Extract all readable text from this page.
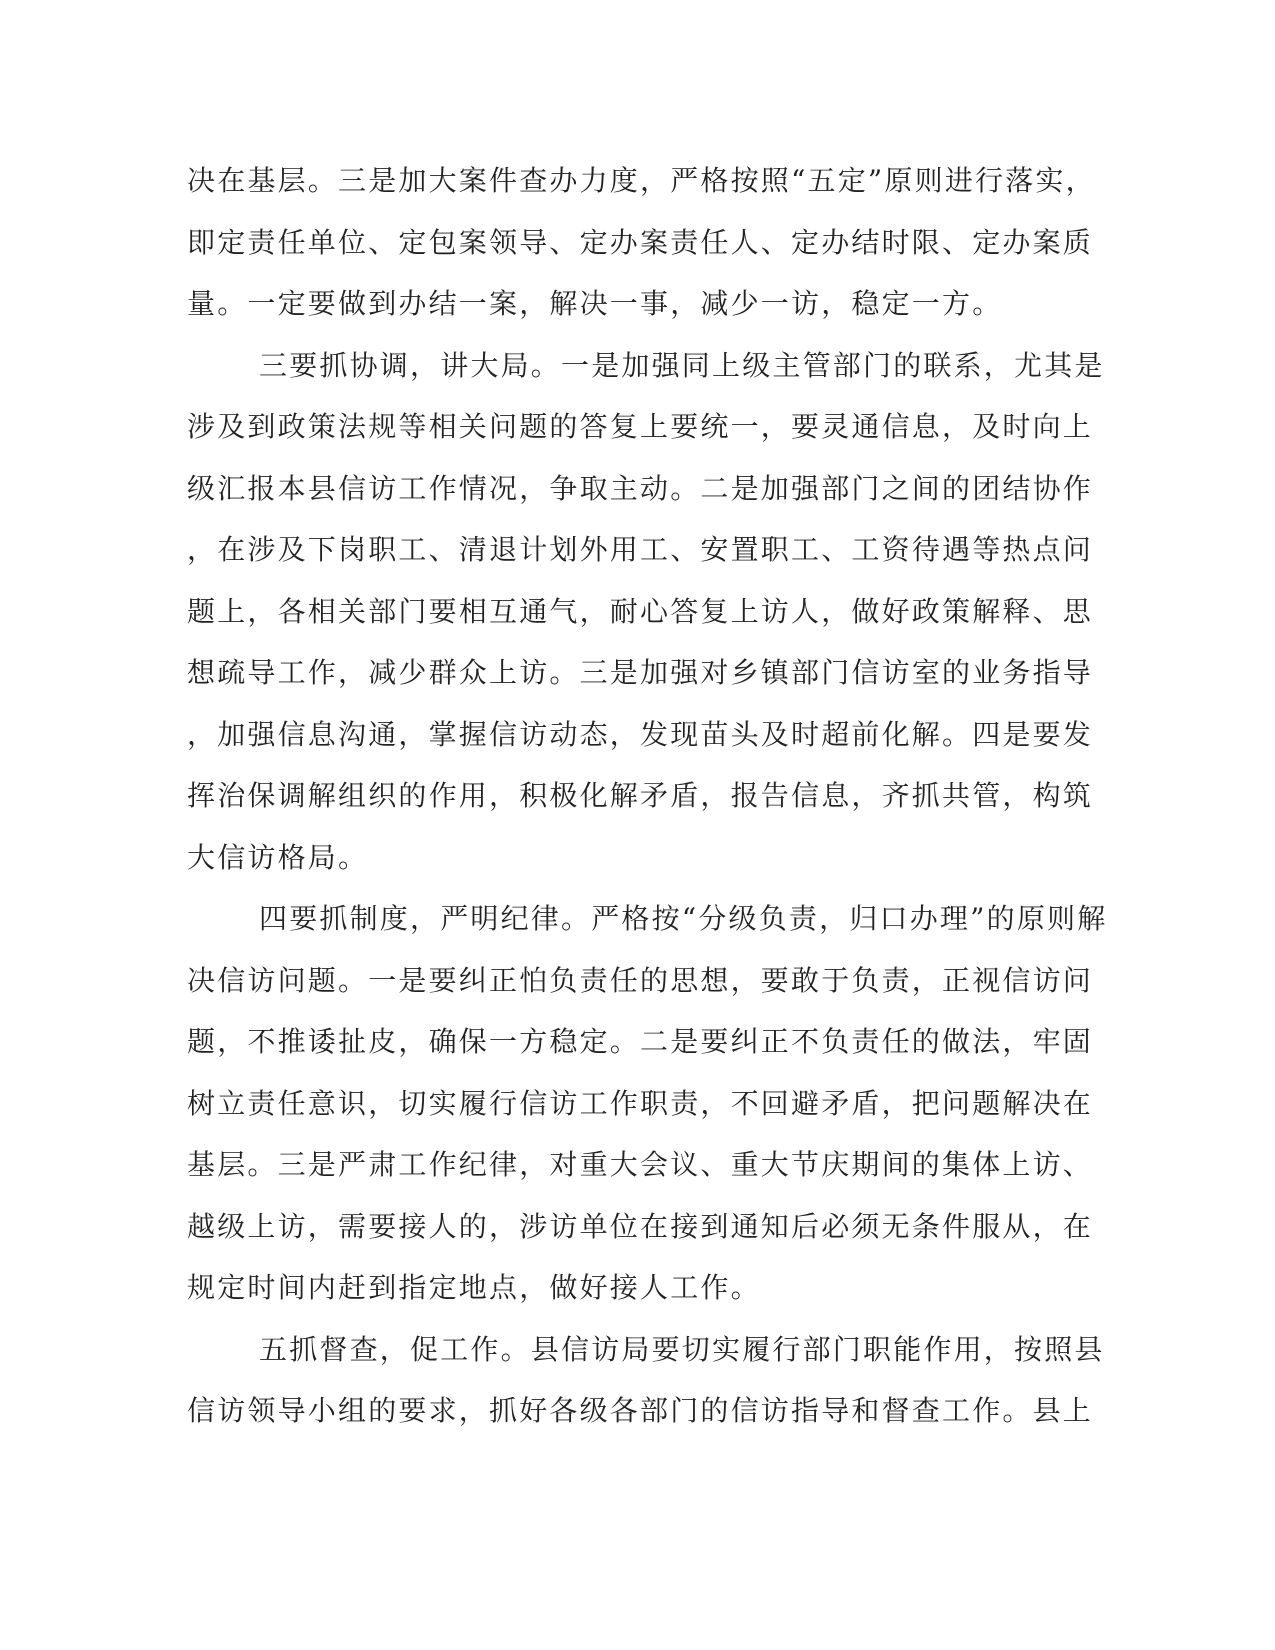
决在基层。三是加大案件查办力度，严格按照“五定”原则进行落实，
即定责任单位、定包案领导、定办案责任人、定办结时限、定办案质
量。一定要做到办结一案，解决一事，减少一访，稳定一方。
三要抓协调，讲大局。一是加强同上级主管部门的联系，尤其是
涉及到政策法规等相关问题的答复上要统一，要灵通信息，及时向上
级汇报本县信访工作情况，争取主动。二是加强部门之间的团结协作
，在涉及下岗职工、清退计划外用工、安置职工、工资待遇等热点问
题上，各相关部门要相互通气，耐心答复上访人，做好政策解释、思
想疏导工作，减少群众上访。三是加强对乡镇部门信访室的业务指导
，加强信息沟通，掌握信访动态，发现苗头及时超前化解。四是要发
挥治保调解组织的作用，积极化解矛盾，报告信息，齐抓共管，构筑
大信访格局。
四要抓制度，严明纪律。严格按“分级负责，归口办理”的原则解
决信访问题。一是要纠正怕负责任的思想，要敢于负责，正视信访问
题，不推诿扯皮，确保一方稳定。二是要纠正不负责任的做法，牢固
树立责任意识，切实履行信访工作职责，不回避矛盾，把问题解决在
基层。三是严肃工作纪律，对重大会议、重大节庆期间的集体上访、
越级上访，需要接人的，涉访单位在接到通知后必须无条件服从，在
规定时间内赶到指定地点，做好接人工作。
五抓督查，促工作。县信访局要切实履行部门职能作用，按照县
信访领导小组的要求，抓好各级各部门的信访指导和督查工作。县上
